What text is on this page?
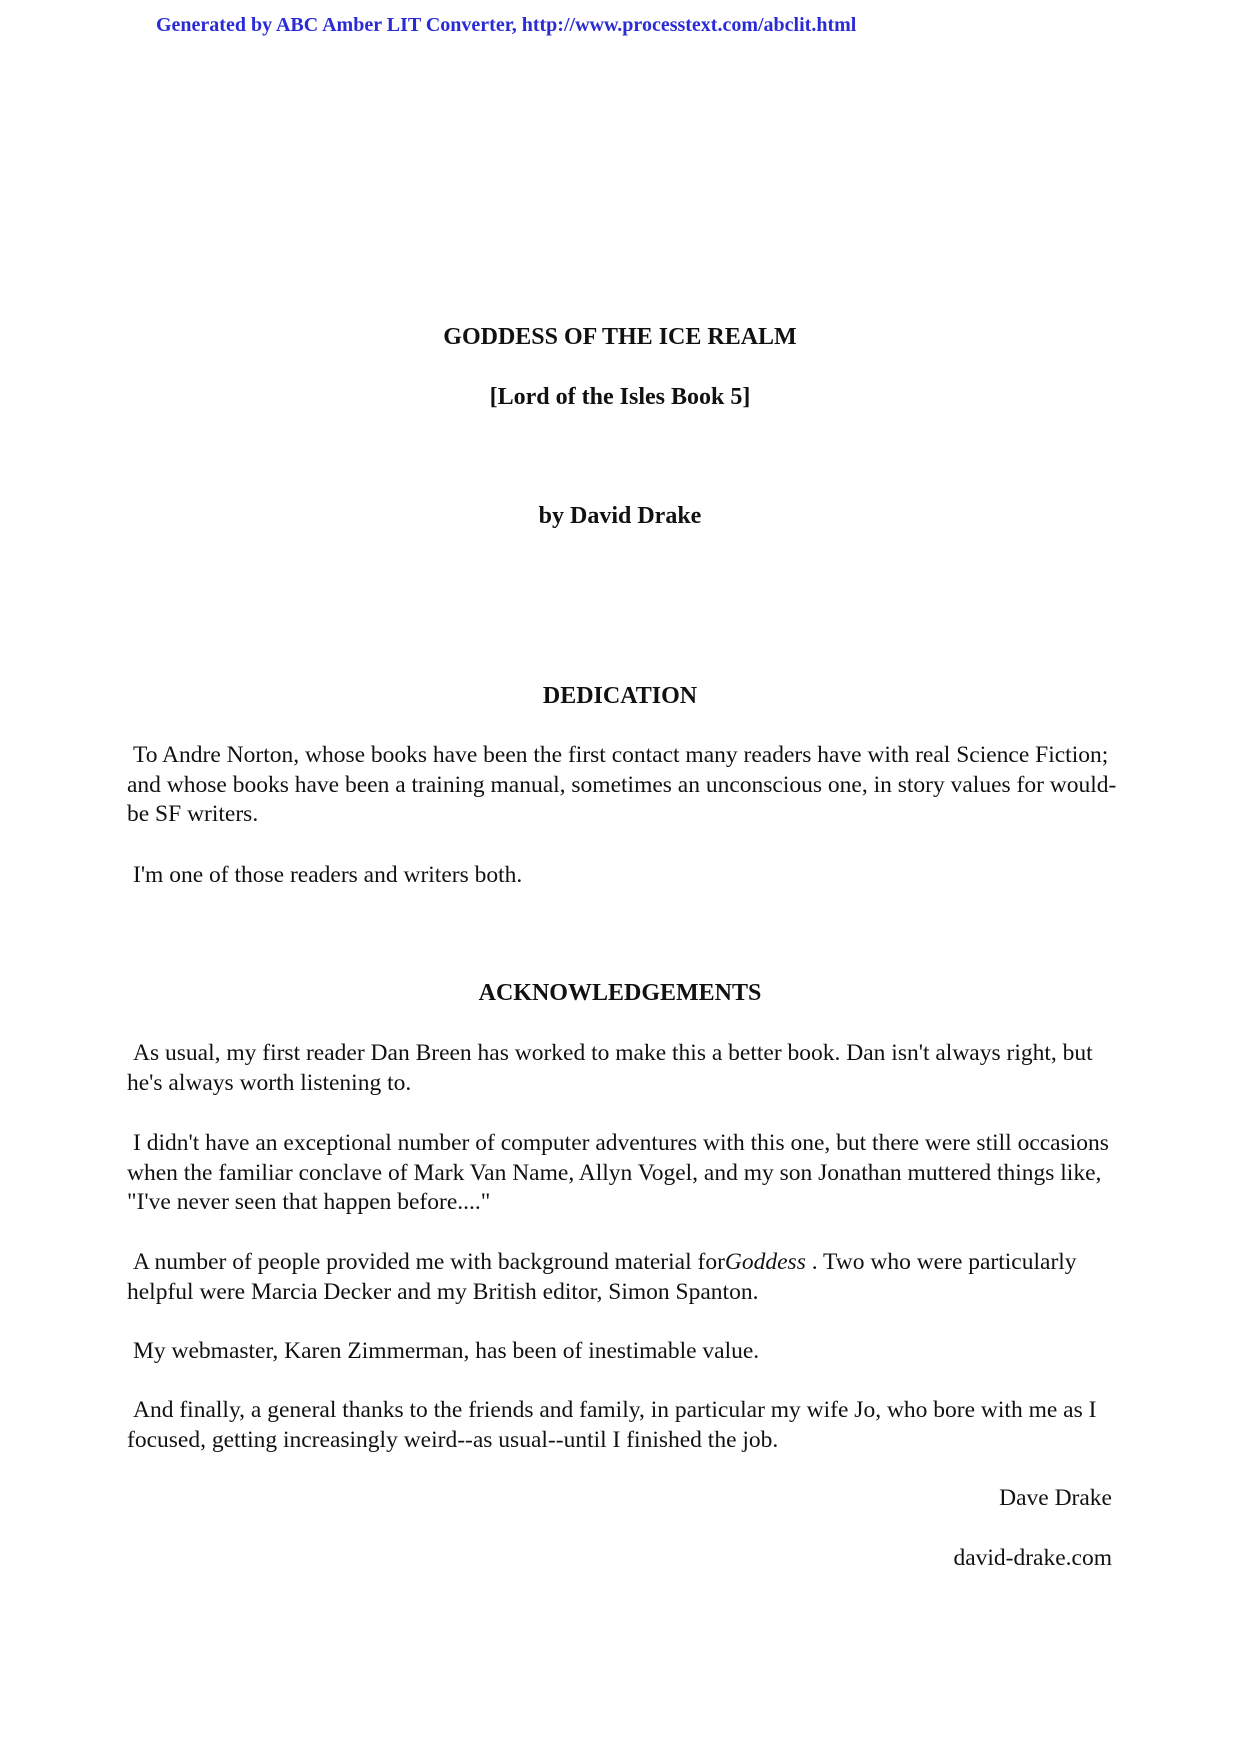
Generated by ABC Amber LIT Converter, http://www.processtext.com/abclit.html
GODDESS OF THE ICE REALM
[Lord of the Isles Book 5]
by David Drake
DEDICATION
To Andre Norton, whose books have been the first contact many readers have with real Science Fiction; and whose books have been a training manual, sometimes an unconscious one, in story values for would-be SF writers.
I'm one of those readers and writers both.
ACKNOWLEDGEMENTS
As usual, my first reader Dan Breen has worked to make this a better book. Dan isn't always right, but he's always worth listening to.
I didn't have an exceptional number of computer adventures with this one, but there were still occasions when the familiar conclave of Mark Van Name, Allyn Vogel, and my son Jonathan muttered things like, "I've never seen that happen before...."
A number of people provided me with background material forGoddess . Two who were particularly helpful were Marcia Decker and my British editor, Simon Spanton.
My webmaster, Karen Zimmerman, has been of inestimable value.
And finally, a general thanks to the friends and family, in particular my wife Jo, who bore with me as I focused, getting increasingly weird--as usual--until I finished the job.
Dave Drake
david-drake.com
